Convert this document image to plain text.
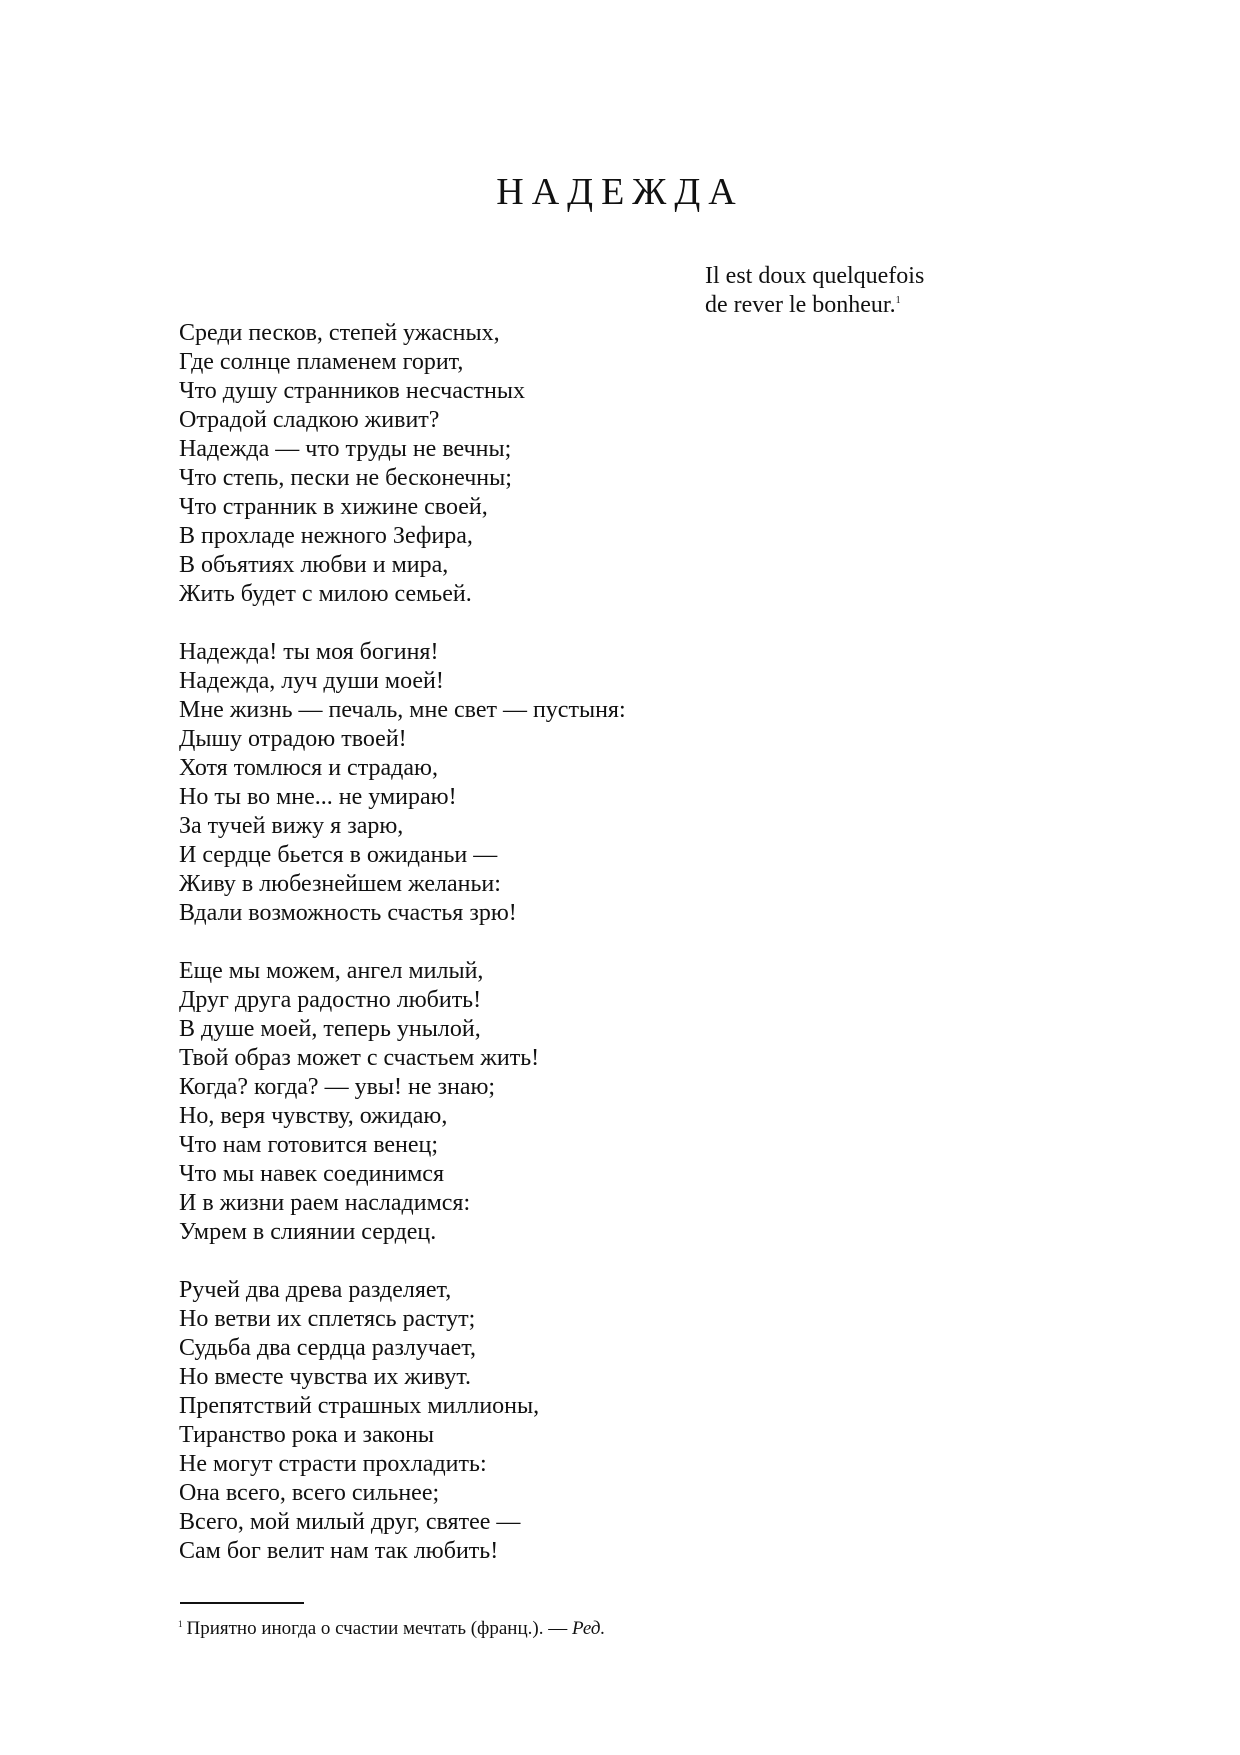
НАДЕЖДА
Il est doux quelquefois
de rever le bonheur.$^1$
Среди песков, степей ужасных,
Где солнце пламенем горит,
Что душу странников несчастных
Отрадой сладкою живит?
Надежда — что труды не вечны;
Что степь, пески не бесконечны;
Что странник в хижине своей,
В прохладе нежного Зефира,
В объятиях любви и мира,
Жить будет с милою семьей.
Надежда! ты моя богиня!
Надежда, луч души моей!
Мне жизнь — печаль, мне свет — пустыня:
Дышу отрадою твоей!
Хотя томлюся и страдаю,
Но ты во мне... не умираю!
За тучей вижу я зарю,
И сердце бьется в ожиданьи —
Живу в любезнейшем желаньи:
Вдали возможность счастья зрю!
Еще мы можем, ангел милый,
Друг друга радостно любить!
В душе моей, теперь унылой,
Твой образ может с счастьем жить!
Когда? когда? — увы! не знаю;
Но, веря чувству, ожидаю,
Что нам готовится венец;
Что мы навек соединимся
И в жизни раем насладимся:
Умрем в слиянии сердец.
Ручей два древа разделяет,
Но ветви их сплетясь растут;
Судьба два сердца разлучает,
Но вместе чувства их живут.
Препятствий страшных миллионы,
Тиранство рока и законы
Не могут страсти прохладить:
Она всего, всего сильнее;
Всего, мой милый друг, святее —
Сам бог велит нам так любить!
$^1$ Приятно иногда о счастии мечтать (франц.). — Ред.
